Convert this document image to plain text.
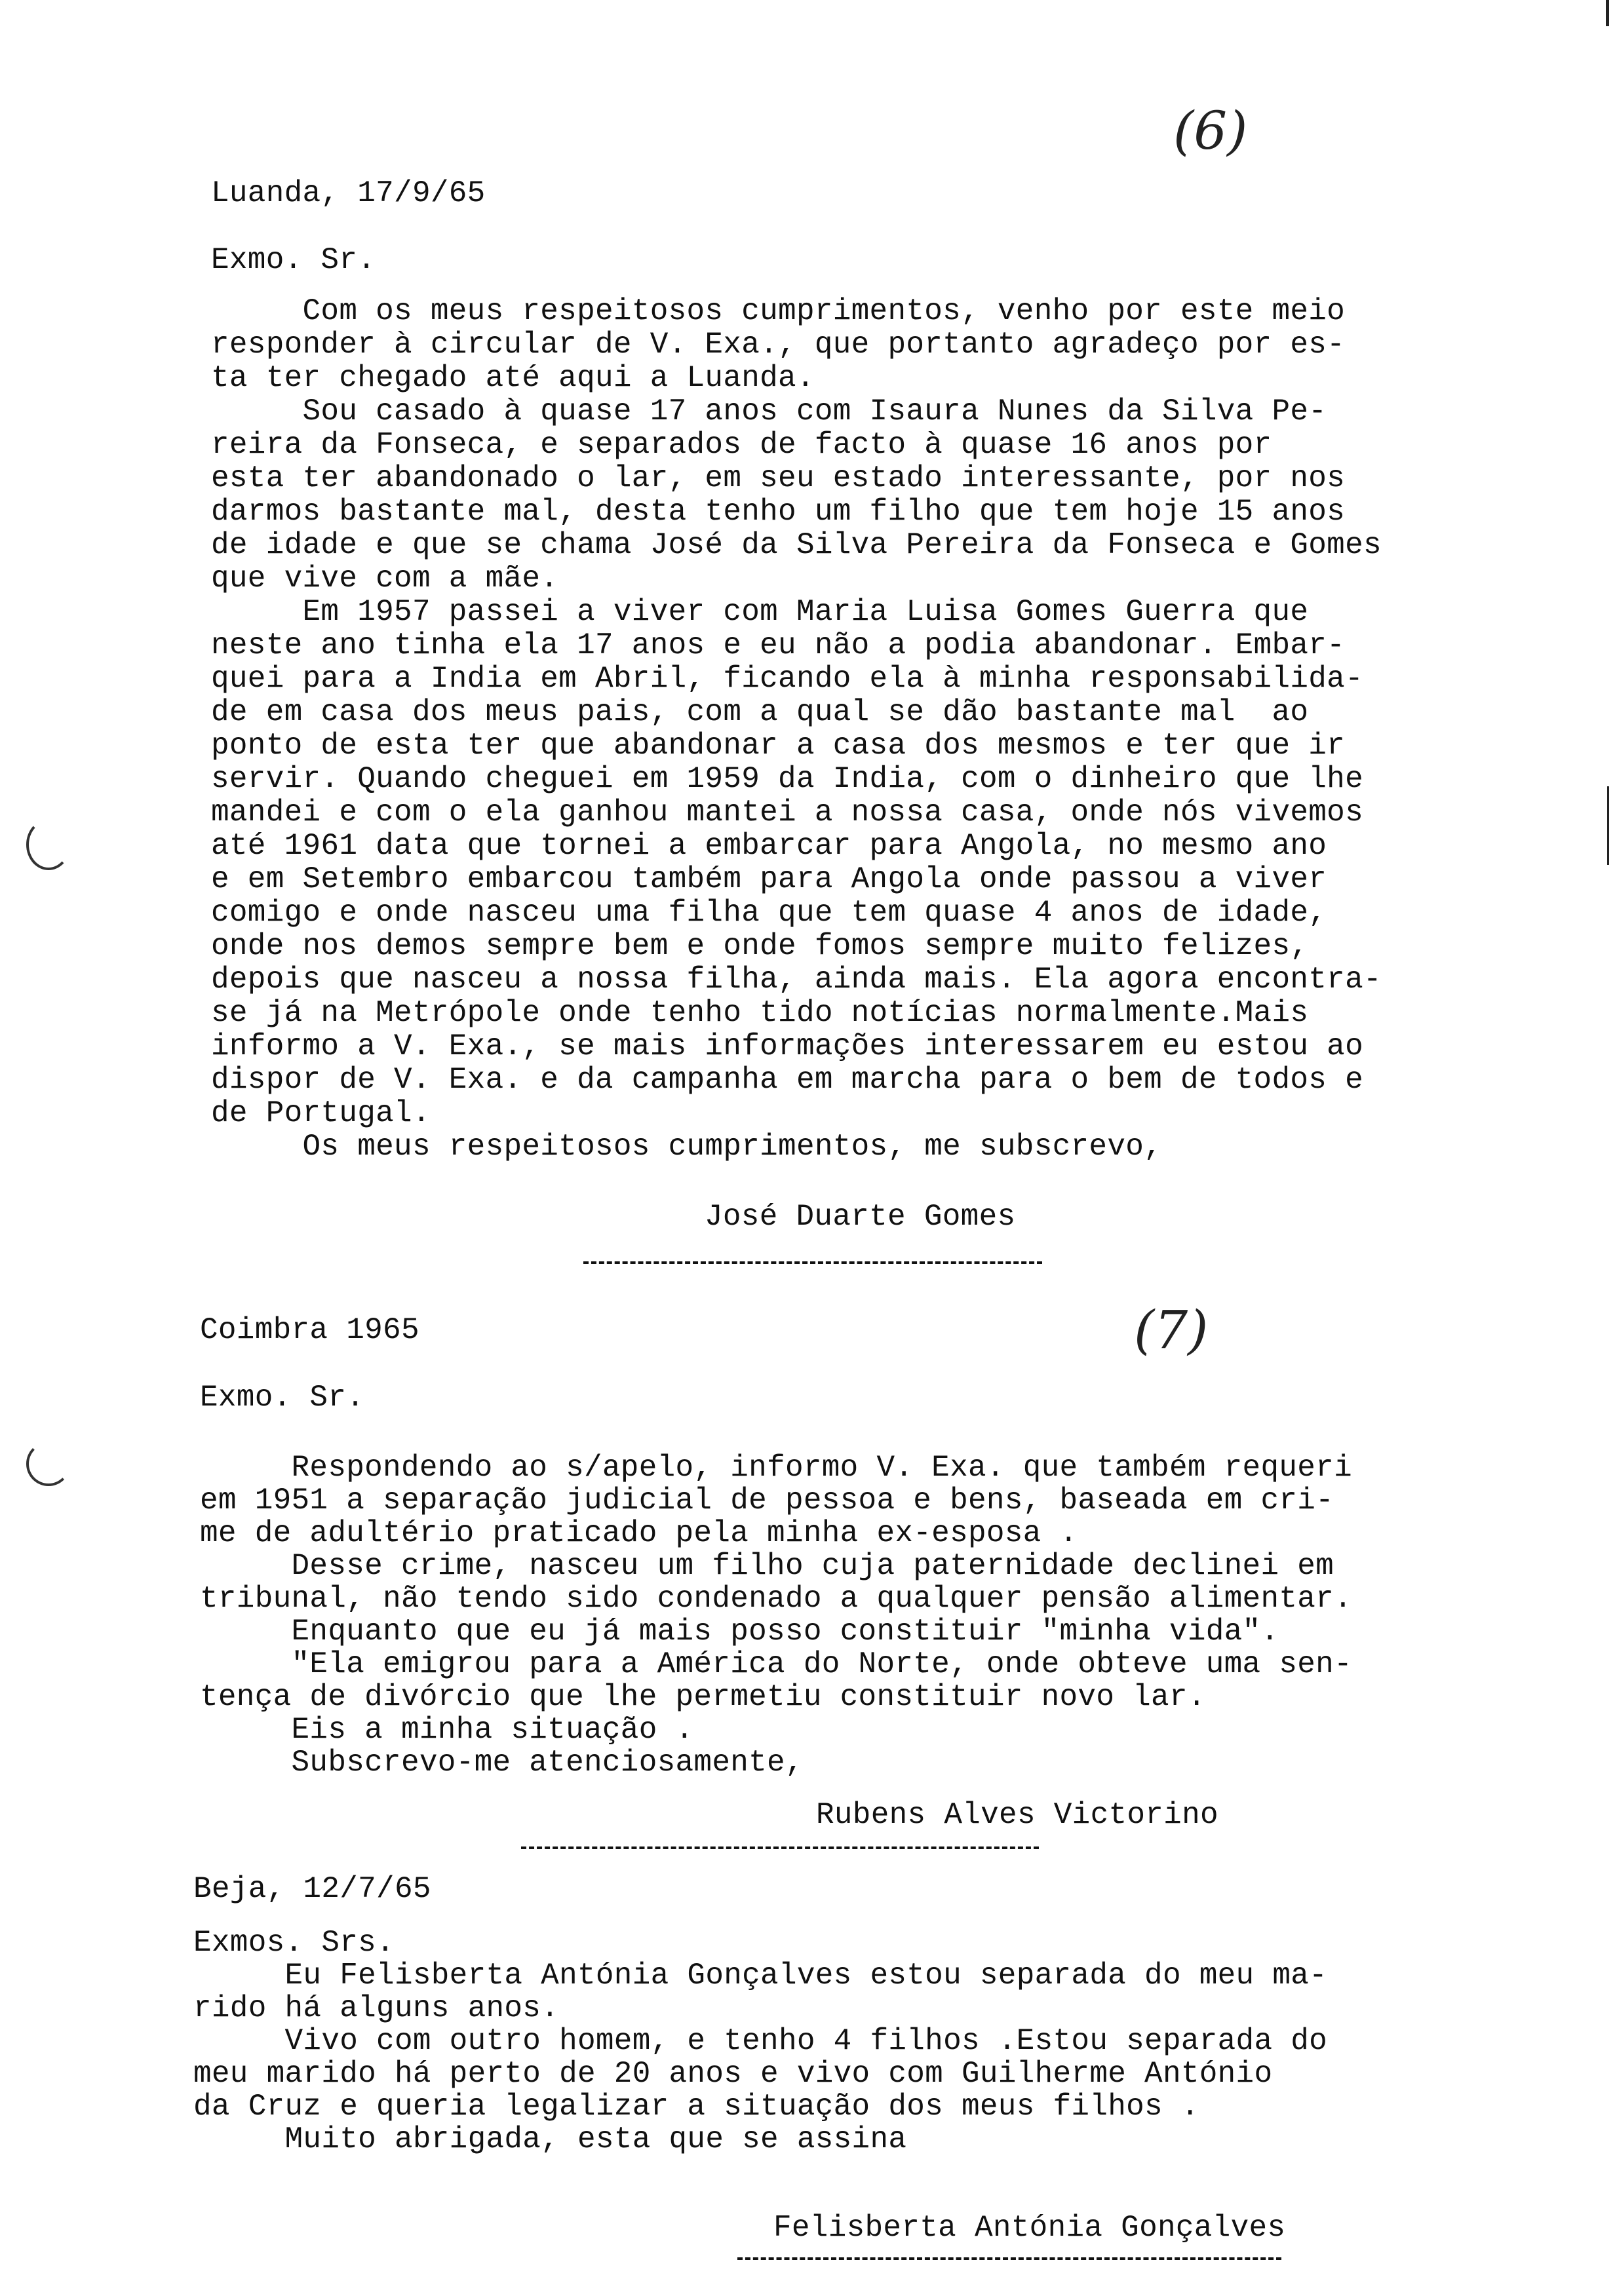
(6)
Luanda, 17/9/65
Exmo. Sr.
Com os meus respeitosos cumprimentos, venho por este meio
responder à circular de V. Exa., que portanto agradeço por es-
ta ter chegado até aqui a Luanda.
Sou casado à quase 17 anos com Isaura Nunes da Silva Pe-
reira da Fonseca, e separados de facto à quase 16 anos por
esta ter abandonado o lar, em seu estado interessante, por nos
darmos bastante mal, desta tenho um filho que tem hoje 15 anos
de idade e que se chama José da Silva Pereira da Fonseca e Gomes
que vive com a mãe.
Em 1957 passei a viver com Maria Luisa Gomes Guerra que
neste ano tinha ela 17 anos e eu não a podia abandonar. Embar-
quei para a India em Abril, ficando ela à minha responsabilida-
de em casa dos meus pais, com a qual se dão bastante mal  ao
ponto de esta ter que abandonar a casa dos mesmos e ter que ir
servir. Quando cheguei em 1959 da India, com o dinheiro que lhe
mandei e com o ela ganhou mantei a nossa casa, onde nós vivemos
até 1961 data que tornei a embarcar para Angola, no mesmo ano
e em Setembro embarcou também para Angola onde passou a viver
comigo e onde nasceu uma filha que tem quase 4 anos de idade,
onde nos demos sempre bem e onde fomos sempre muito felizes,
depois que nasceu a nossa filha, ainda mais. Ela agora encontra-
se já na Metrópole onde tenho tido notícias normalmente.Mais
informo a V. Exa., se mais informações interessarem eu estou ao
dispor de V. Exa. e da campanha em marcha para o bem de todos e
de Portugal.
Os meus respeitosos cumprimentos, me subscrevo,
José Duarte Gomes
(7)
Coimbra 1965
Exmo. Sr.
Respondendo ao s/apelo, informo V. Exa. que também requeri
em 1951 a separação judicial de pessoa e bens, baseada em cri-
me de adultério praticado pela minha ex-esposa .
Desse crime, nasceu um filho cuja paternidade declinei em
tribunal, não tendo sido condenado a qualquer pensão alimentar.
Enquanto que eu já mais posso constituir "minha vida".
"Ela emigrou para a América do Norte, onde obteve uma sen-
tença de divórcio que lhe permetiu constituir novo lar.
Eis a minha situação .
Subscrevo-me atenciosamente,
Rubens Alves Victorino
Beja, 12/7/65
Exmos. Srs.
Eu Felisberta Antónia Gonçalves estou separada do meu ma-
rido há alguns anos.
Vivo com outro homem, e tenho 4 filhos .Estou separada do
meu marido há perto de 20 anos e vivo com Guilherme António
da Cruz e queria legalizar a situação dos meus filhos .
Muito abrigada, esta que se assina
Felisberta Antónia Gonçalves
